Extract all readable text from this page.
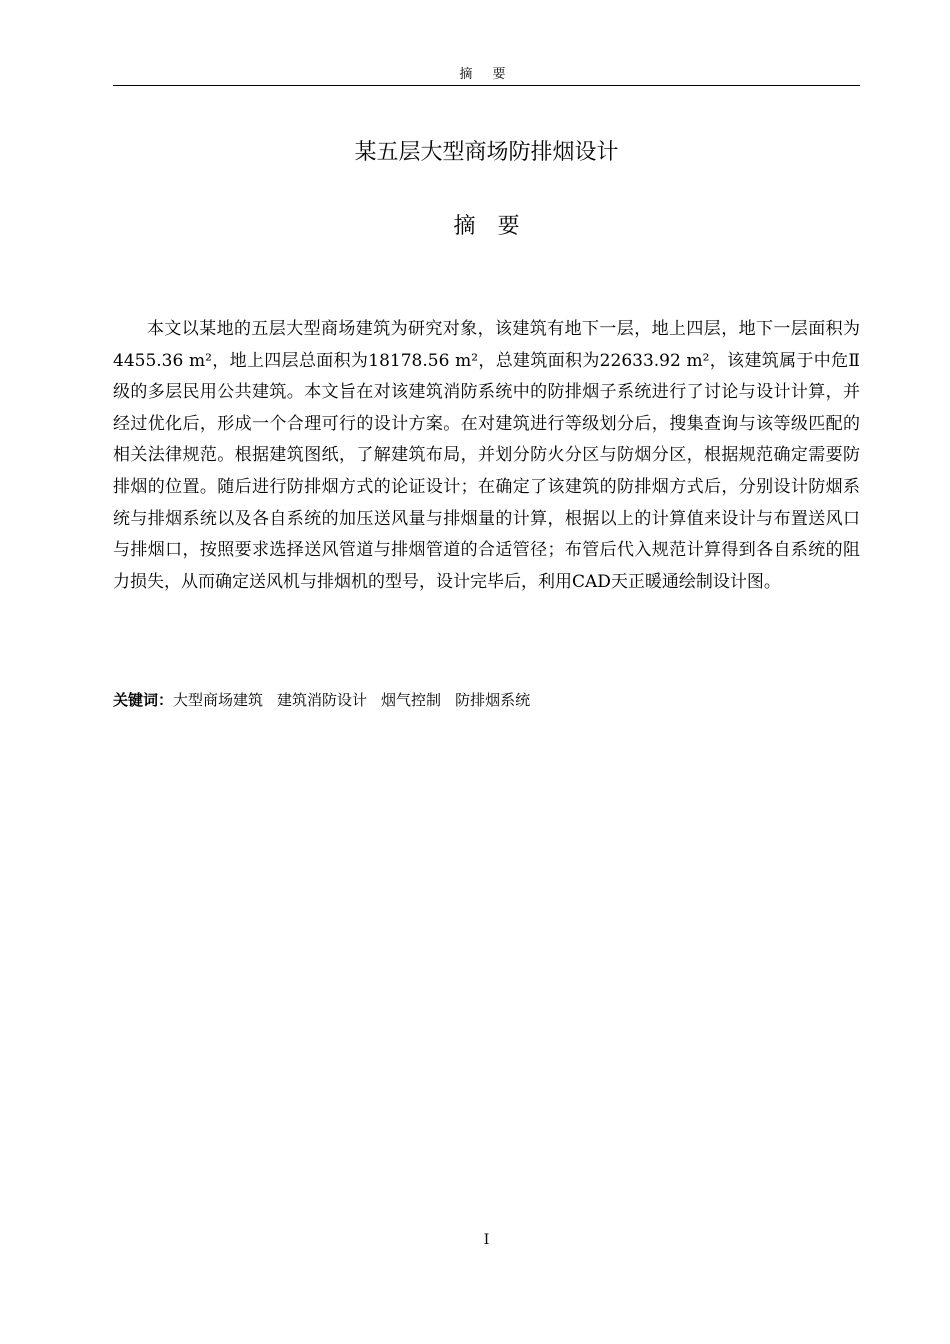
摘 要
某五层大型商场防排烟设计
摘要

本文以某地的五层大型商场建筑为研究对象，该建筑有地下一层，地上四层，地下一层面积为4455.36 m²，地上四层总面积为18178.56 m²，总建筑面积为22633.92 m²，该建筑属于中危Ⅱ级的多层民用公共建筑。本文旨在对该建筑消防系统中的防排烟子系统进行了讨论与设计计算，并经过优化后，形成一个合理可行的设计方案。在对建筑进行等级划分后，搜集查询与该等级匹配的相关法律规范。根据建筑图纸，了解建筑布局，并划分防火分区与防烟分区，根据规范确定需要防排烟的位置。随后进行防排烟方式的论证设计；在确定了该建筑的防排烟方式后，分别设计防烟系统与排烟系统以及各自系统的加压送风量与排烟量的计算，根据以上的计算值来设计与布置送风口与排烟口，按照要求选择送风管道与排烟管道的合适管径；布管后代入规范计算得到各自系统的阻力损失，从而确定送风机与排烟机的型号，设计完毕后，利用CAD天正暖通绘制设计图。

关键词：大型商场建筑 建筑消防设计 烟气控制 防排烟系统
I
